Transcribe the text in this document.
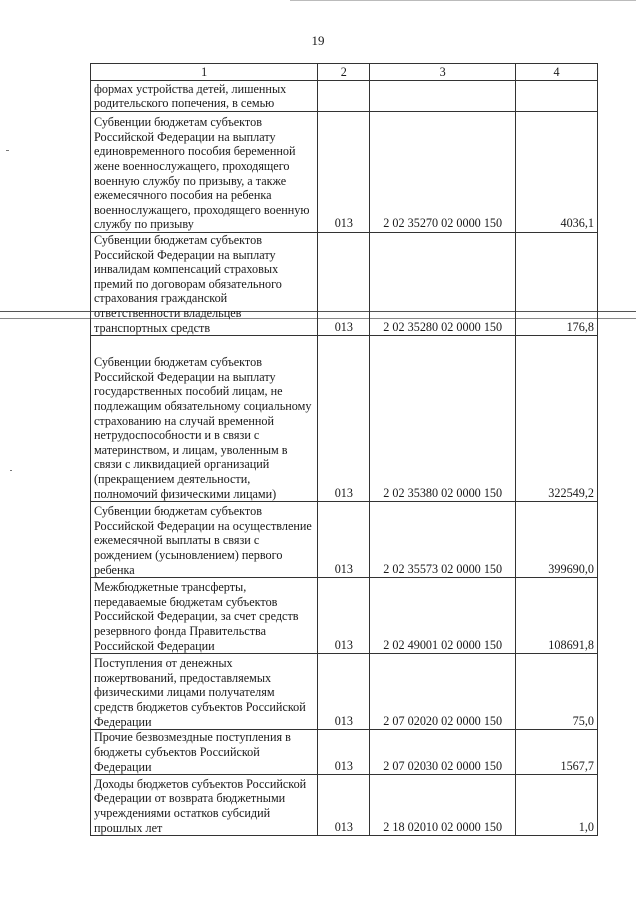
19
1	2	3	4
формах устройства детей, лишенных родительского попечения, в семью			
Субвенции бюджетам субъектов Российской Федерации на выплату единовременного пособия беременной жене военнослужащего, проходящего военную службу по призыву, а также ежемесячного пособия на ребенка военнослужащего, проходящего военную службу по призыву	013	2 02 35270 02 0000 150	4036,1
Субвенции бюджетам субъектов Российской Федерации на выплату инвалидам компенсаций страховых премий по договорам обязательного страхования гражданской ответственности владельцев транспортных средств	013	2 02 35280 02 0000 150	176,8
Субвенции бюджетам субъектов Российской Федерации на выплату государственных пособий лицам, не подлежащим обязательному социальному страхованию на случай временной нетрудоспособности и в связи с материнством, и лицам, уволенным в связи с ликвидацией организаций (прекращением деятельности, полномочий физическими лицами)	013	2 02 35380 02 0000 150	322549,2
Субвенции бюджетам субъектов Российской Федерации на осуществление ежемесячной выплаты в связи с рождением (усыновлением) первого ребенка	013	2 02 35573 02 0000 150	399690,0
Межбюджетные трансферты, передаваемые бюджетам субъектов Российской Федерации, за счет средств резервного фонда Правительства Российской Федерации	013	2 02 49001 02 0000 150	108691,8
Поступления от денежных пожертвований, предоставляемых физическими лицами получателям средств бюджетов субъектов Российской Федерации	013	2 07 02020 02 0000 150	75,0
Прочие безвозмездные поступления в бюджеты субъектов Российской Федерации	013	2 07 02030 02 0000 150	1567,7
Доходы бюджетов субъектов Российской Федерации от возврата бюджетными учреждениями остатков субсидий прошлых лет	013	2 18 02010 02 0000 150	1,0
